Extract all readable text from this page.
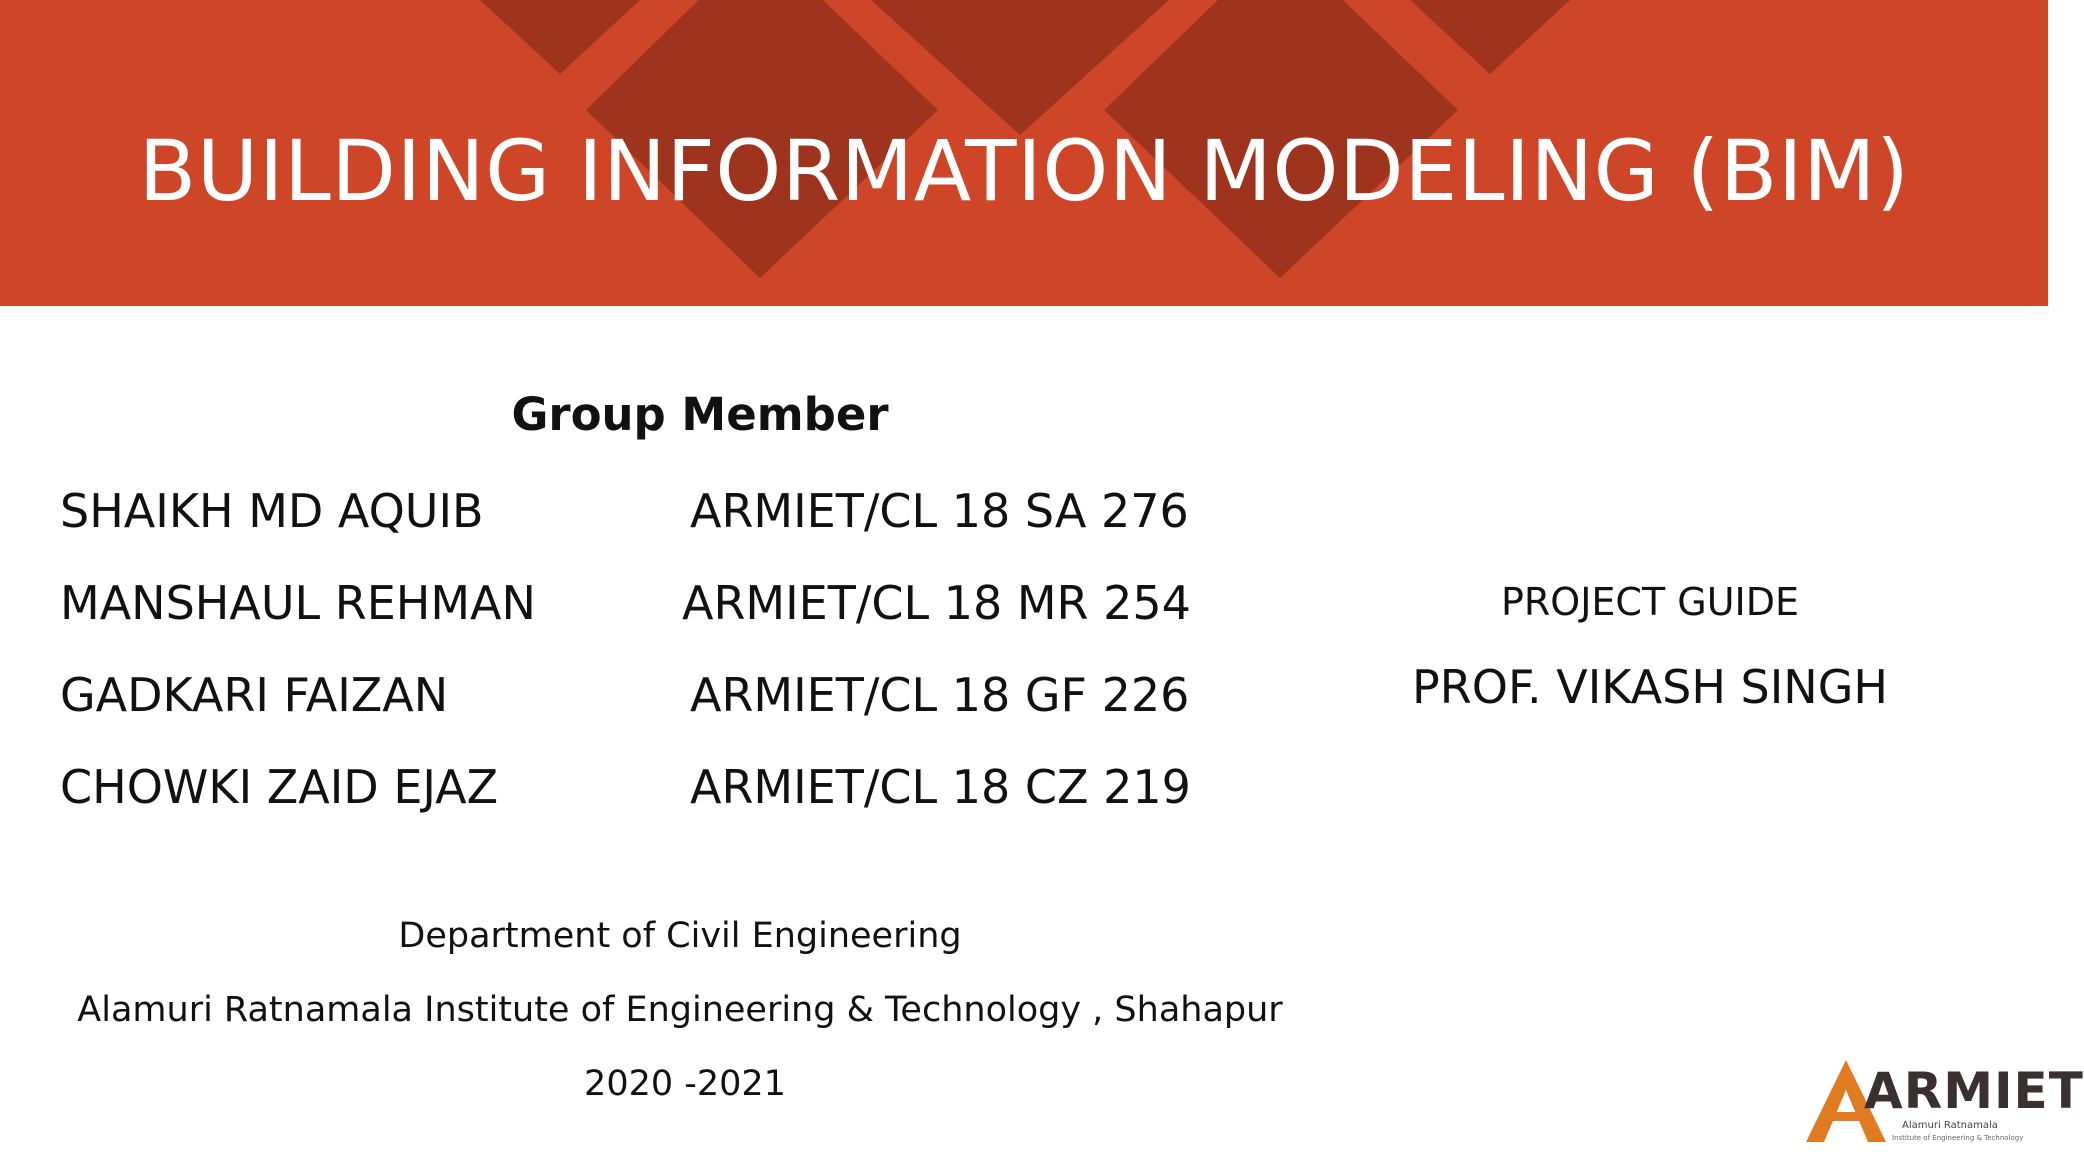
BUILDING INFORMATION MODELING (BIM)
Group Member
SHAIKH MD AQUIB	ARMIET/CL 18 SA 276
MANSHAUL REHMAN	ARMIET/CL 18 MR 254
GADKARI FAIZAN	ARMIET/CL 18 GF 226
CHOWKI ZAID EJAZ	ARMIET/CL 18 CZ 219
PROJECT GUIDE
PROF. VIKASH SINGH
Department of Civil Engineering
Alamuri Ratnamala Institute of Engineering & Technology , Shahapur
2020 -2021	ARMIET
Alamuri Ratnamala
Institute of Engineering & Technology
